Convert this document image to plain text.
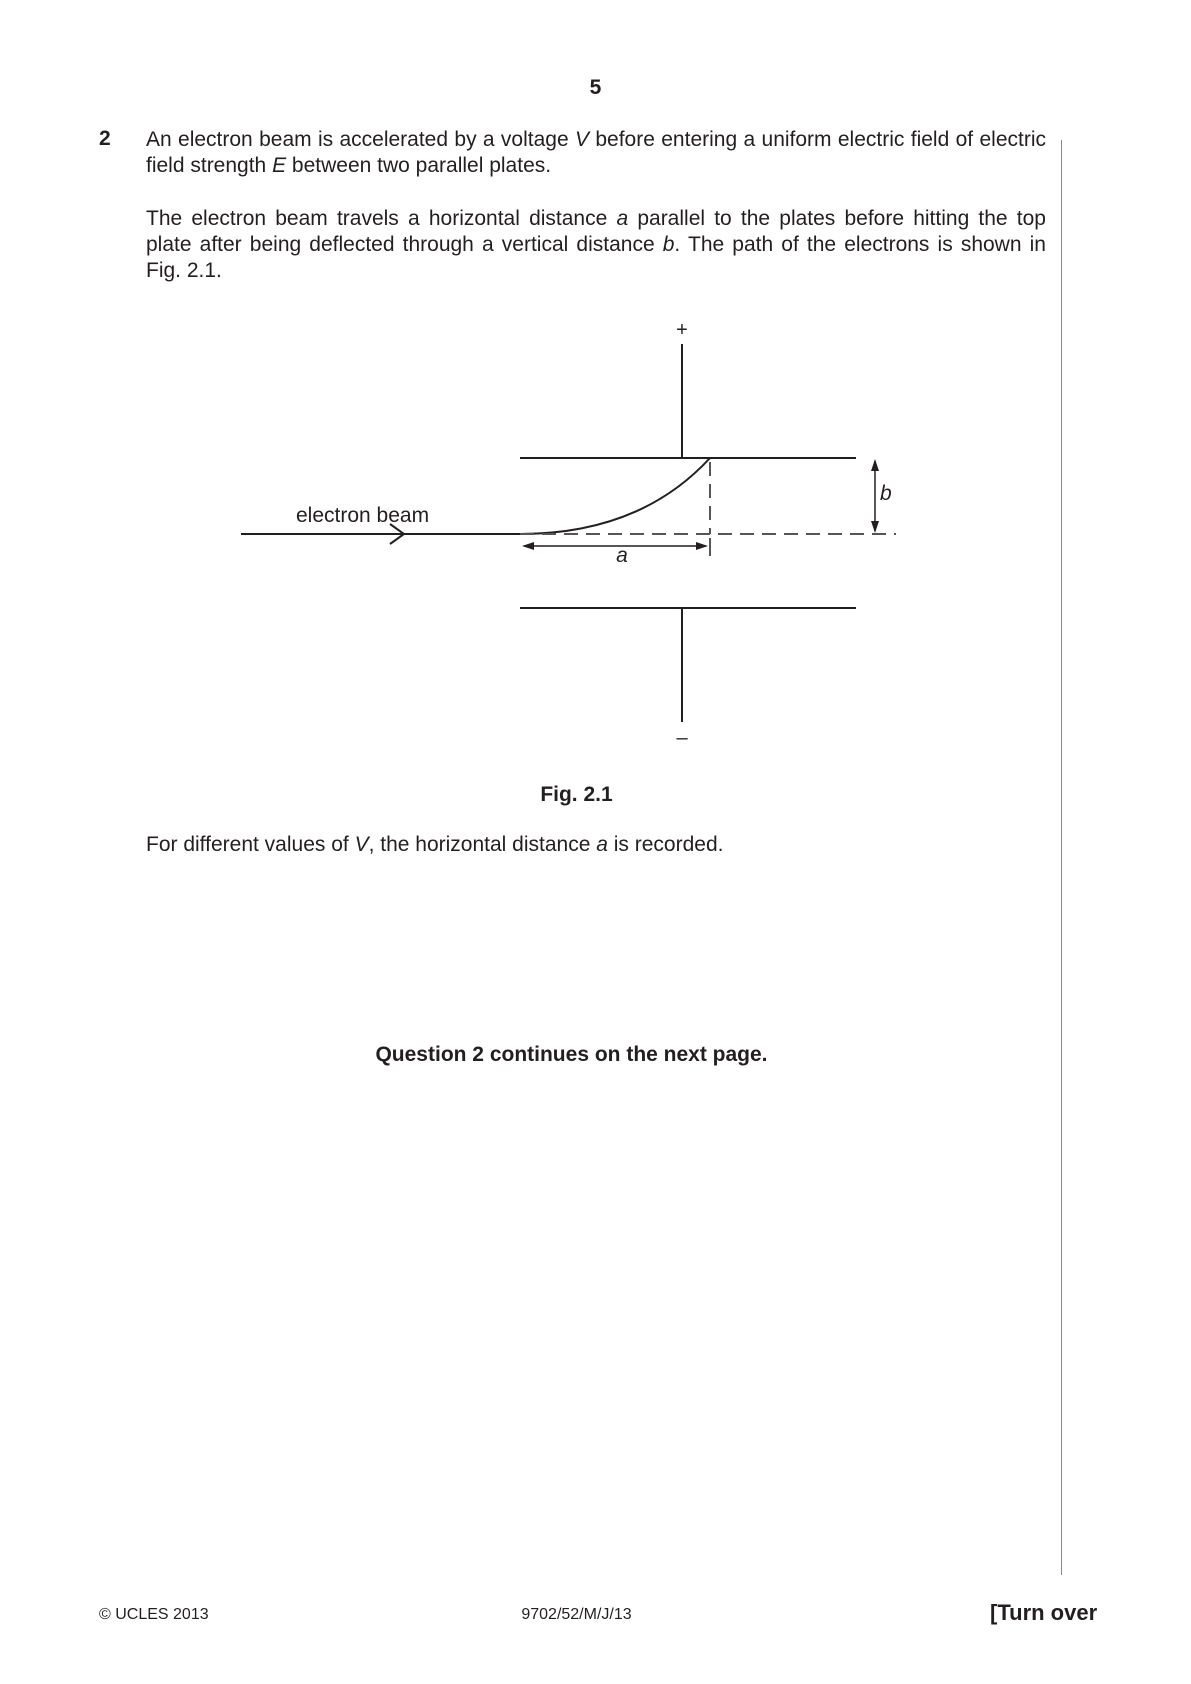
5
2 An electron beam is accelerated by a voltage V before entering a uniform electric field of electric field strength E between two parallel plates.
The electron beam travels a horizontal distance a parallel to the plates before hitting the top plate after being deflected through a vertical distance b. The path of the electrons is shown in Fig. 2.1.
+
–
electron beam
a
b
Fig. 2.1
For different values of V, the horizontal distance a is recorded.
Question 2 continues on the next page.
© UCLES 2013	9702/52/M/J/13	[Turn over
